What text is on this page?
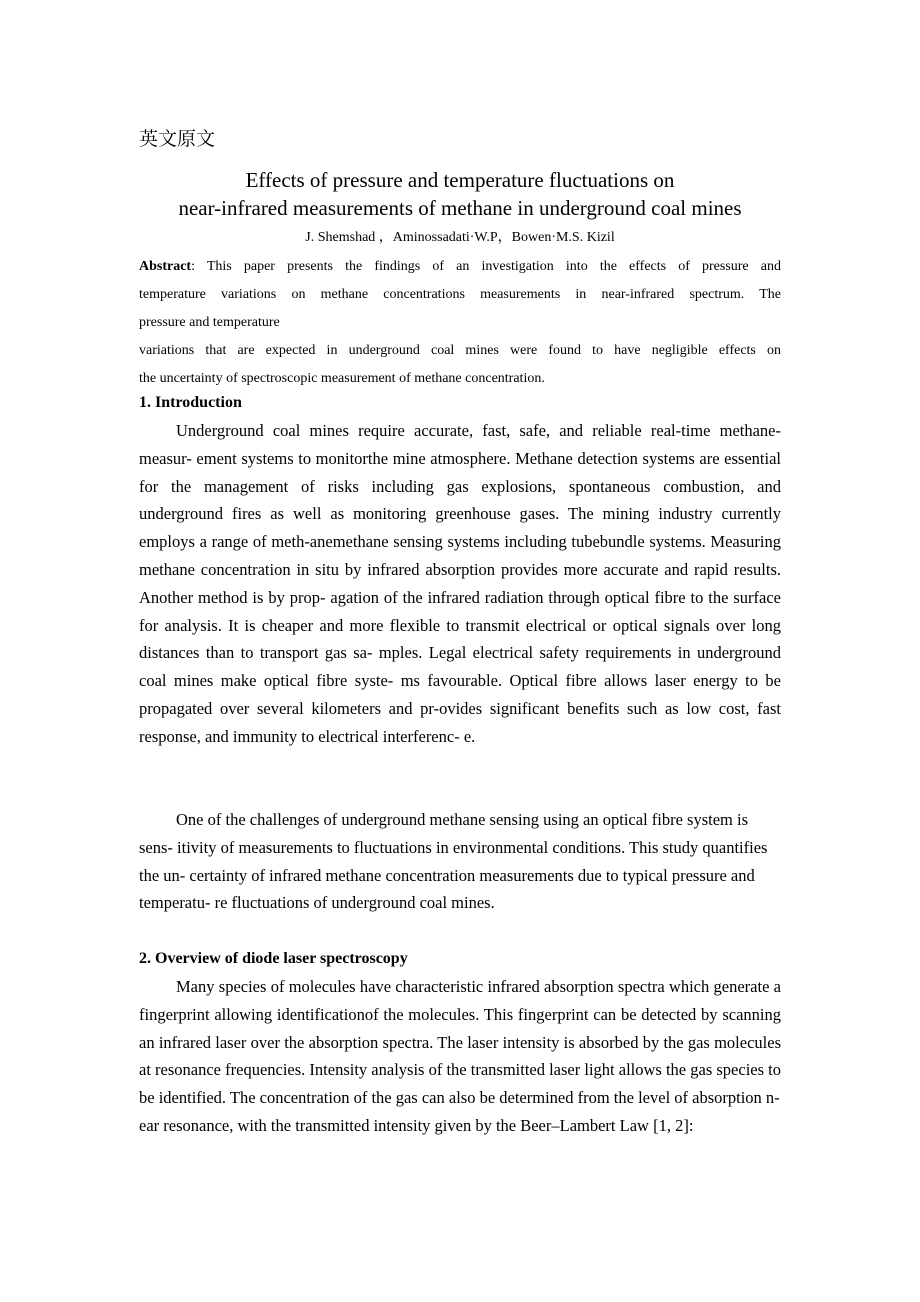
英文原文
Effects of pressure and temperature fluctuations on
near-infrared measurements of methane in underground coal mines
J. Shemshad ，Aminossadati·W.P，Bowen·M.S. Kizil

Abstract: This paper presents the findings of an investigation into the effects of pressure and

temperature variations on methane concentrations measurements in near-infrared spectrum. The

pressure and temperature

variations that are expected in underground coal mines were found to have negligible effects on

the uncertainty of spectroscopic measurement of methane concentration.

1. Introduction

Underground coal mines require accurate, fast, safe, and reliable real-time methane-measur- ement systems to monitorthe mine atmosphere. Methane detection systems are essential for the management of risks including gas explosions, spontaneous combustion, and underground fires as well as monitoring greenhouse gases. The mining industry currently employs a range of meth-anemethane sensing systems including tubebundle systems. Measuring methane concentration in situ by infrared absorption provides more accurate and rapid results. Another method is by prop- agation of the infrared radiation through optical fibre to the surface for analysis. It is cheaper and more flexible to transmit electrical or optical signals over long distances than to transport gas sa- mples. Legal electrical safety requirements in underground coal mines make optical fibre syste- ms favourable. Optical fibre allows laser energy to be propagated over several kilometers and pr-ovides significant benefits such as low cost, fast response, and immunity to electrical interferenc- e.

One of the challenges of underground methane sensing using an optical fibre system is sens- itivity of measurements to fluctuations in environmental conditions. This study quantifies the un- certainty of infrared methane concentration measurements due to typical pressure and temperatu- re fluctuations of underground coal mines.

2. Overview of diode laser spectroscopy

Many species of molecules have characteristic infrared absorption spectra which generate a fingerprint allowing identificationof the molecules. This fingerprint can be detected by scanning an infrared laser over the absorption spectra. The laser intensity is absorbed by the gas molecules at resonance frequencies. Intensity analysis of the transmitted laser light allows the gas species to be identified. The concentration of the gas can also be determined from the level of absorption n-

ear resonance, with the transmitted intensity given by the Beer–Lambert Law [1, 2]:
